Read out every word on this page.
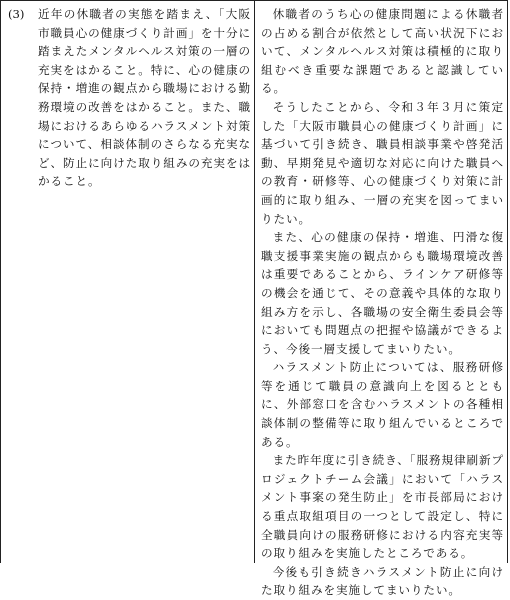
(3)	近年の休職者の実態を踏まえ、「大阪市職員心の健康づくり計画」を十分に踏まえたメンタルヘルス対策の一層の充実をはかること。特に、心の健康の保持・増進の観点から職場における勤務環境の改善をはかること。また、職場におけるあらゆるハラスメント対策について、相談体制のさらなる充実など、防止に向けた取り組みの充実をはかること。

休職者のうち心の健康問題による休職者の占める割合が依然として高い状況下において、メンタルヘルス対策は積極的に取り組むべき重要な課題であると認識している。

そうしたことから、令和３年３月に策定した「大阪市職員心の健康づくり計画」に基づいて引き続き、職員相談事業や啓発活動、早期発見や適切な対応に向けた職員への教育・研修等、心の健康づくり対策に計画的に取り組み、一層の充実を図ってまいりたい。

また、心の健康の保持・増進、円滑な復職支援事業実施の観点からも職場環境改善は重要であることから、ラインケア研修等の機会を通じて、その意義や具体的な取り組み方を示し、各職場の安全衛生委員会等においても問題点の把握や協議ができるよう、今後一層支援してまいりたい。

ハラスメント防止については、服務研修等を通じて職員の意識向上を図るとともに、外部窓口を含むハラスメントの各種相談体制の整備等に取り組んでいるところである。

また昨年度に引き続き、「服務規律刷新プロジェクトチーム会議」において「ハラスメント事案の発生防止」を市長部局における重点取組項目の一つとして設定し、特に全職員向けの服務研修における内容充実等の取り組みを実施したところである。

今後も引き続きハラスメント防止に向けた取り組みを実施してまいりたい。
